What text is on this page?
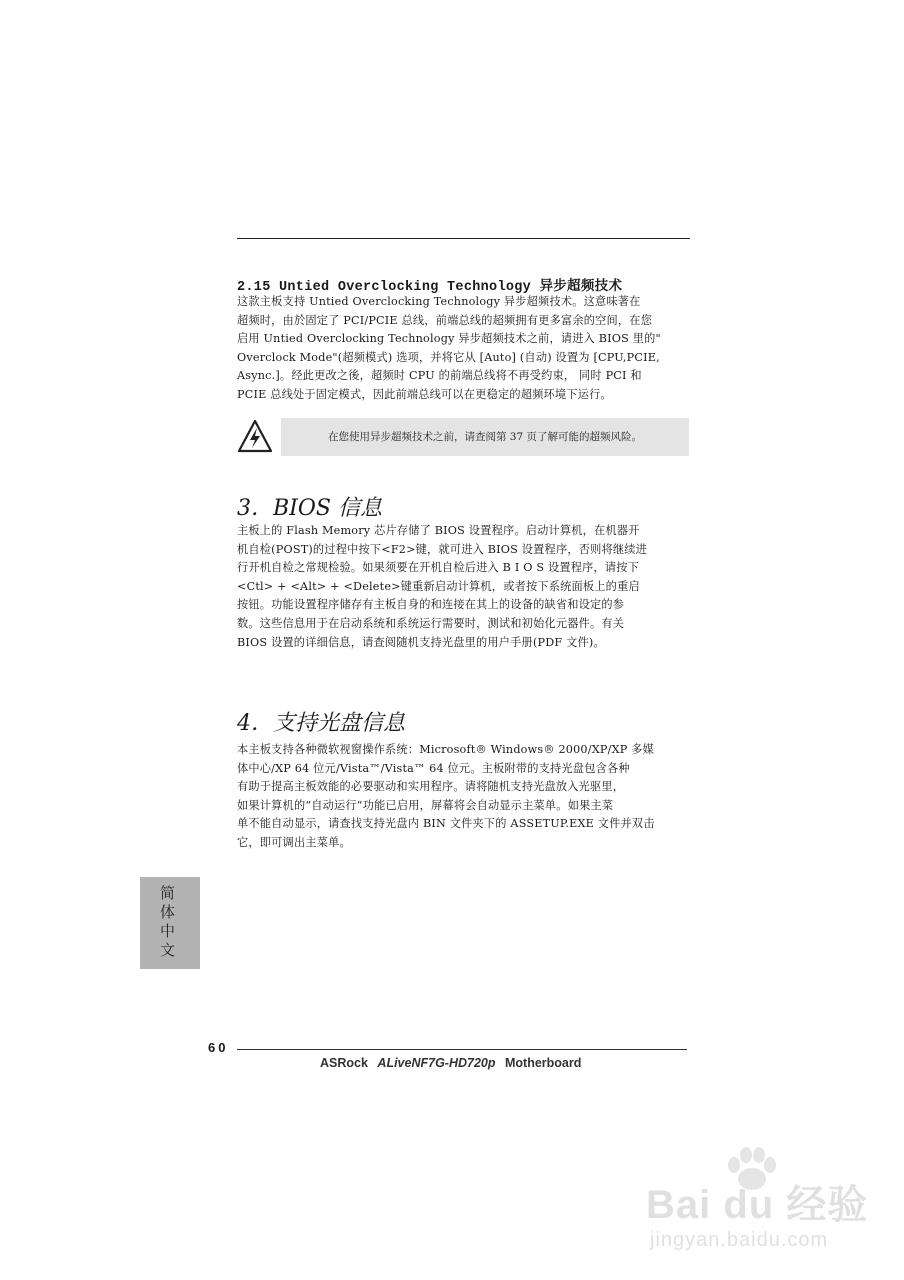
2.15 Untied Overclocking Technology 异步超频技术
这款主板支持 Untied Overclocking Technology 异步超频技术。这意味著在
超频时，由於固定了 PCI/PCIE 总线，前端总线的超频拥有更多富余的空间，在您
启用 Untied Overclocking Technology 异步超频技术之前，请进入 BIOS 里的"
Overclock Mode"(超频模式) 选项，并将它从 [Auto] (自动) 设置为 [CPU,PCIE,
Async.]。经此更改之後，超频时 CPU 的前端总线将不再受约束， 同时 PCI 和
PCIE 总线处于固定模式，因此前端总线可以在更稳定的超频环境下运行。
在您使用异步超频技术之前，请查阅第 37 页了解可能的超频风险。
3．BIOS 信息
主板上的 Flash Memory 芯片存储了 BIOS 设置程序。启动计算机，在机器开
机自检(POST)的过程中按下<F2>键，就可进入 BIOS 设置程序，否则将继续进
行开机自检之常规检验。如果须要在开机自检后进入 B I O S 设置程序，请按下
<Ctl> + <Alt> + <Delete>键重新启动计算机，或者按下系统面板上的重启
按钮。功能设置程序储存有主板自身的和连接在其上的设备的缺省和设定的参
数。这些信息用于在启动系统和系统运行需要时，测试和初始化元器件。有关
BIOS 设置的详细信息，请查阅随机支持光盘里的用户手册(PDF 文件)。
4．支持光盘信息
本主板支持各种微软视窗操作系统：Microsoft® Windows® 2000/XP/XP 多媒
体中心/XP 64 位元/Vista™/Vista™ 64 位元。主板附带的支持光盘包含各种
有助于提高主板效能的必要驱动和实用程序。请将随机支持光盘放入光驱里，
如果计算机的“自动运行”功能已启用，屏幕将会自动显示主菜单。如果主菜
单不能自动显示，请查找支持光盘内 BIN 文件夹下的 ASSETUP.EXE 文件并双击
它，即可调出主菜单。
简体中文
60
ASRock ALiveNF7G-HD720p Motherboard
Bai du 经验
jingyan.baidu.com
